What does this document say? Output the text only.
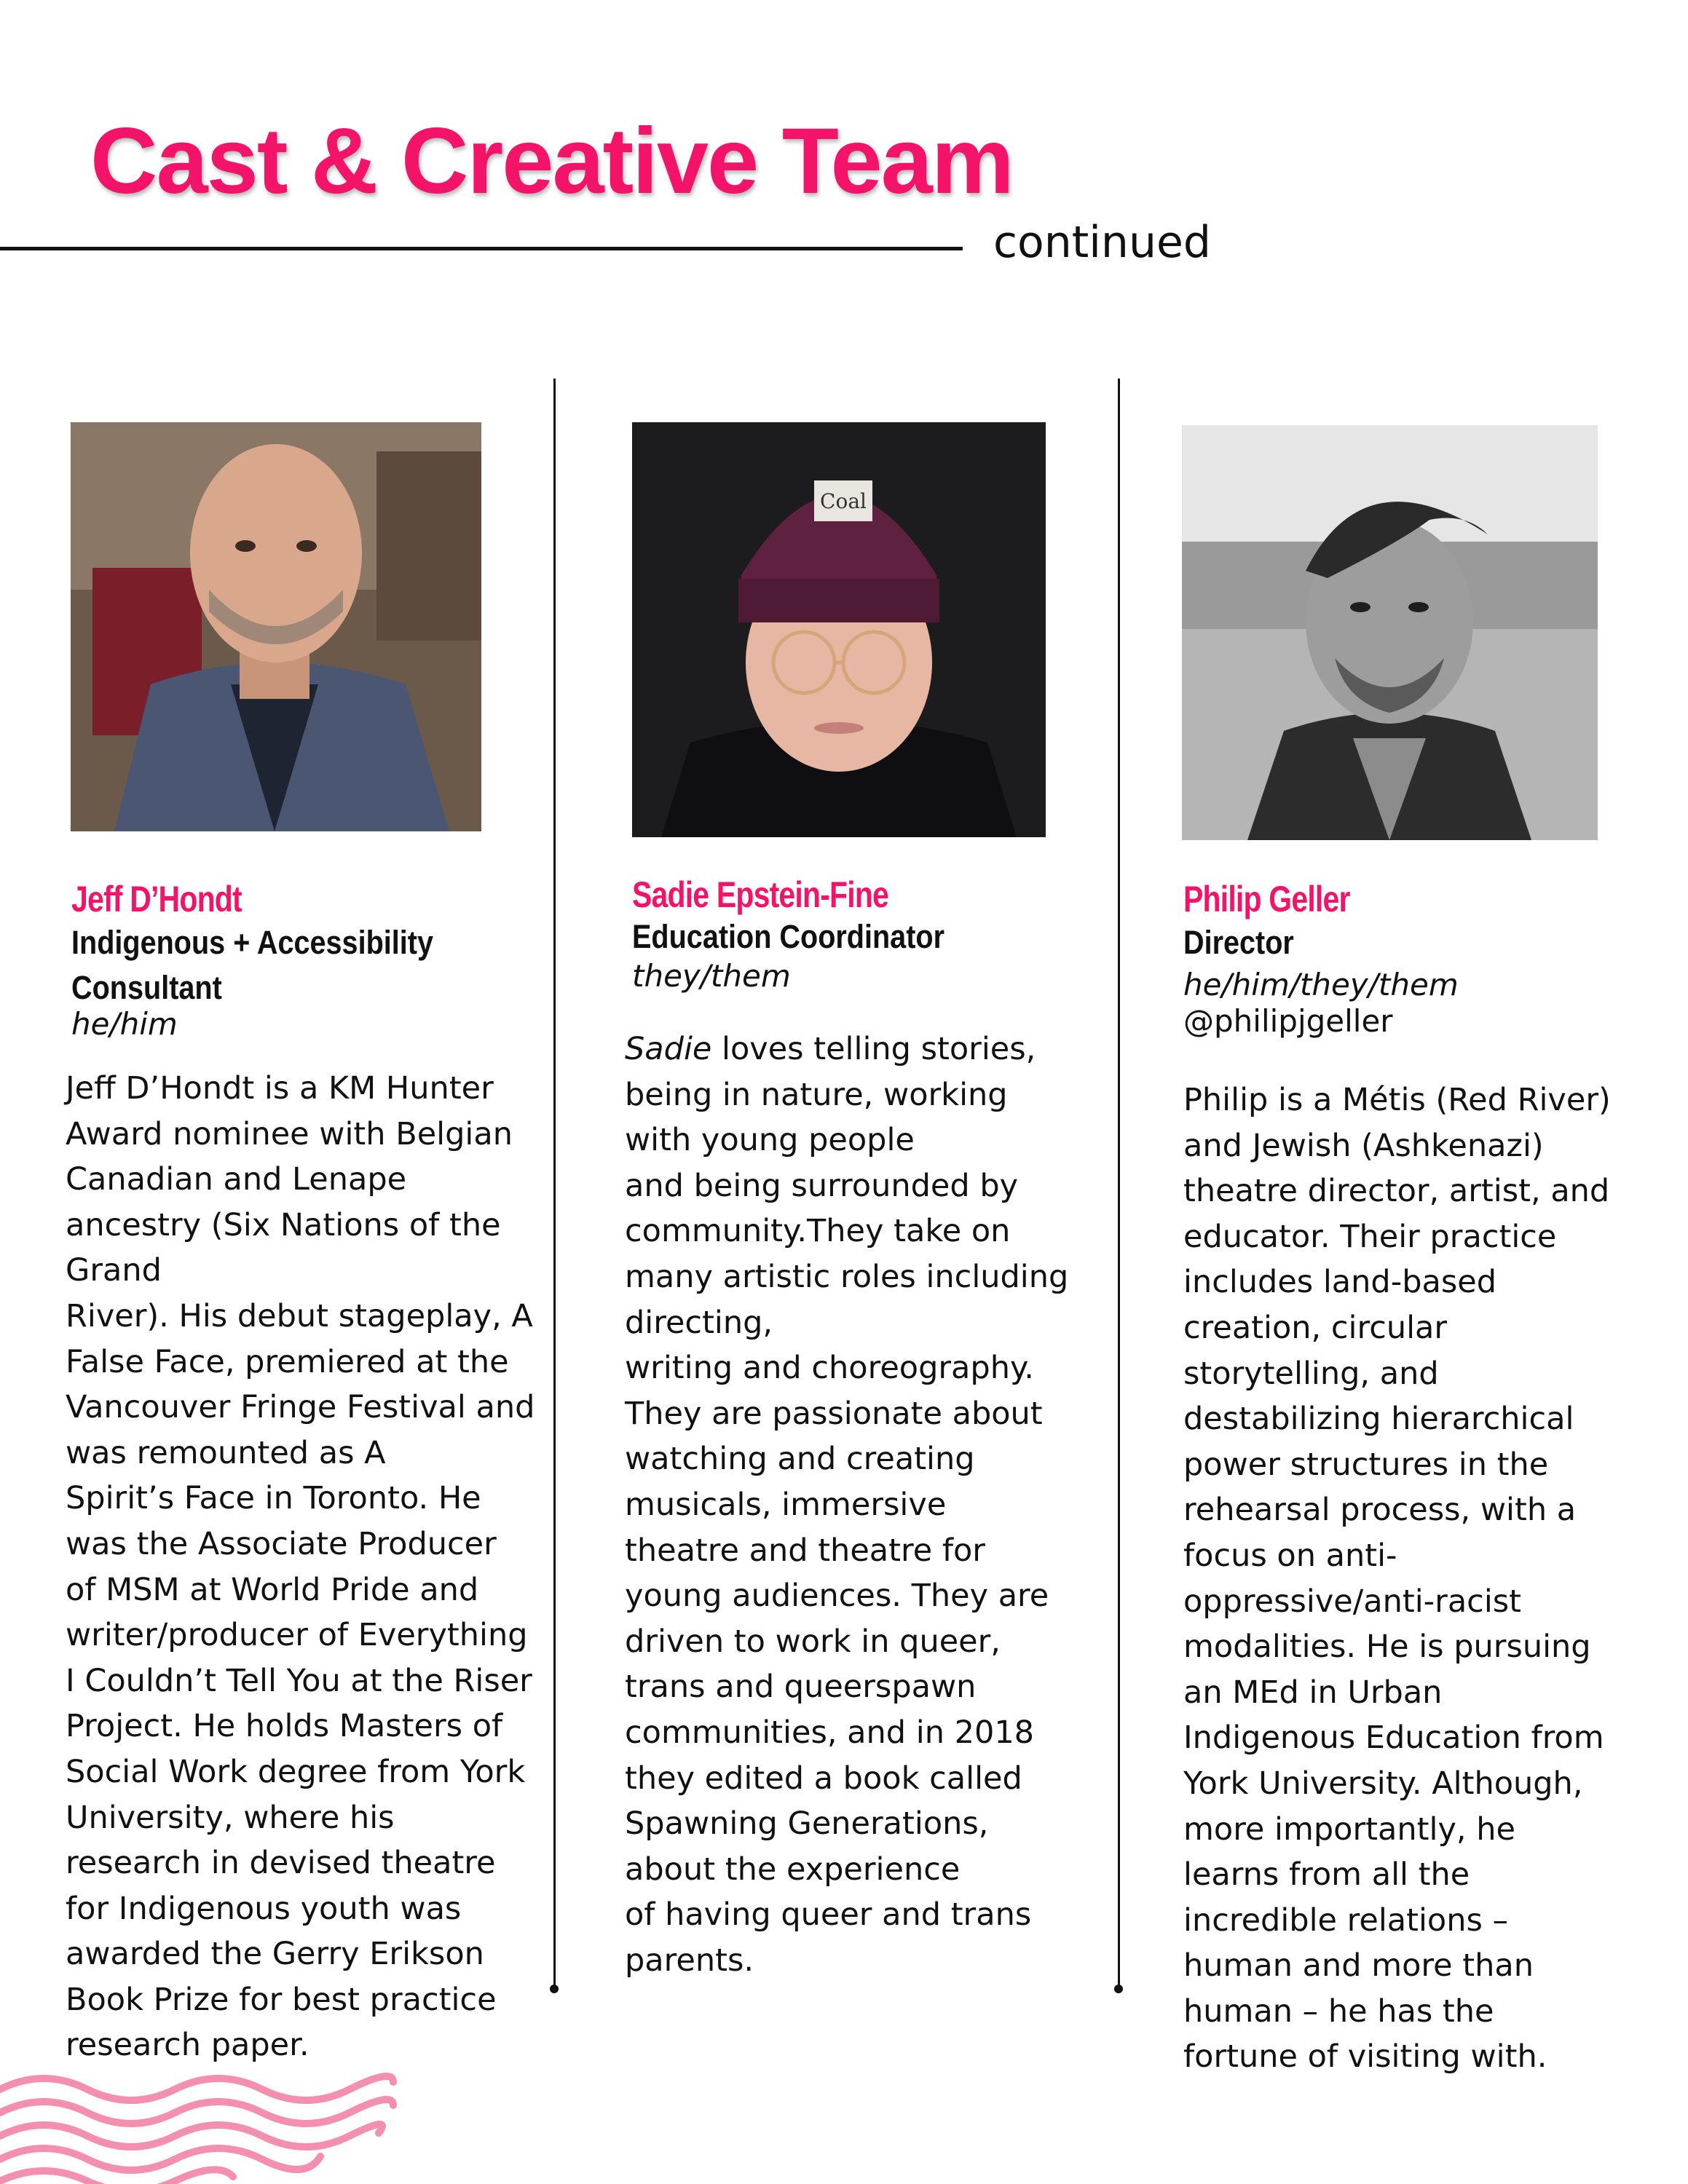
Cast & Creative Team
continued
Jeff D’Hondt
Indigenous + Accessibility
Consultant
he/him
Jeff D’Hondt is a KM Hunter
Award nominee with Belgian
Canadian and Lenape
ancestry (Six Nations of the
Grand
River). His debut stageplay, A
False Face, premiered at the
Vancouver Fringe Festival and
was remounted as A
Spirit’s Face in Toronto. He
was the Associate Producer
of MSM at World Pride and
writer/producer of Everything
I Couldn’t Tell You at the Riser
Project. He holds Masters of
Social Work degree from York
University, where his
research in devised theatre
for Indigenous youth was
awarded the Gerry Erikson
Book Prize for best practice
research paper.
Coal
Sadie Epstein-Fine
Education Coordinator
they/them
Sadie loves telling stories,
being in nature, working
with young people
and being surrounded by
community.They take on
many artistic roles including
directing,
writing and choreography.
They are passionate about
watching and creating
musicals, immersive
theatre and theatre for
young audiences. They are
driven to work in queer,
trans and queerspawn
communities, and in 2018
they edited a book called
Spawning Generations,
about the experience
of having queer and trans
parents.
Philip Geller
Director
he/him/they/them
@philipjgeller
Philip is a Métis (Red River)
and Jewish (Ashkenazi)
theatre director, artist, and
educator. Their practice
includes land-based
creation, circular
storytelling, and
destabilizing hierarchical
power structures in the
rehearsal process, with a
focus on anti-
oppressive/anti-racist
modalities. He is pursuing
an MEd in Urban
Indigenous Education from
York University. Although,
more importantly, he
learns from all the
incredible relations –
human and more than
human – he has the
fortune of visiting with.
